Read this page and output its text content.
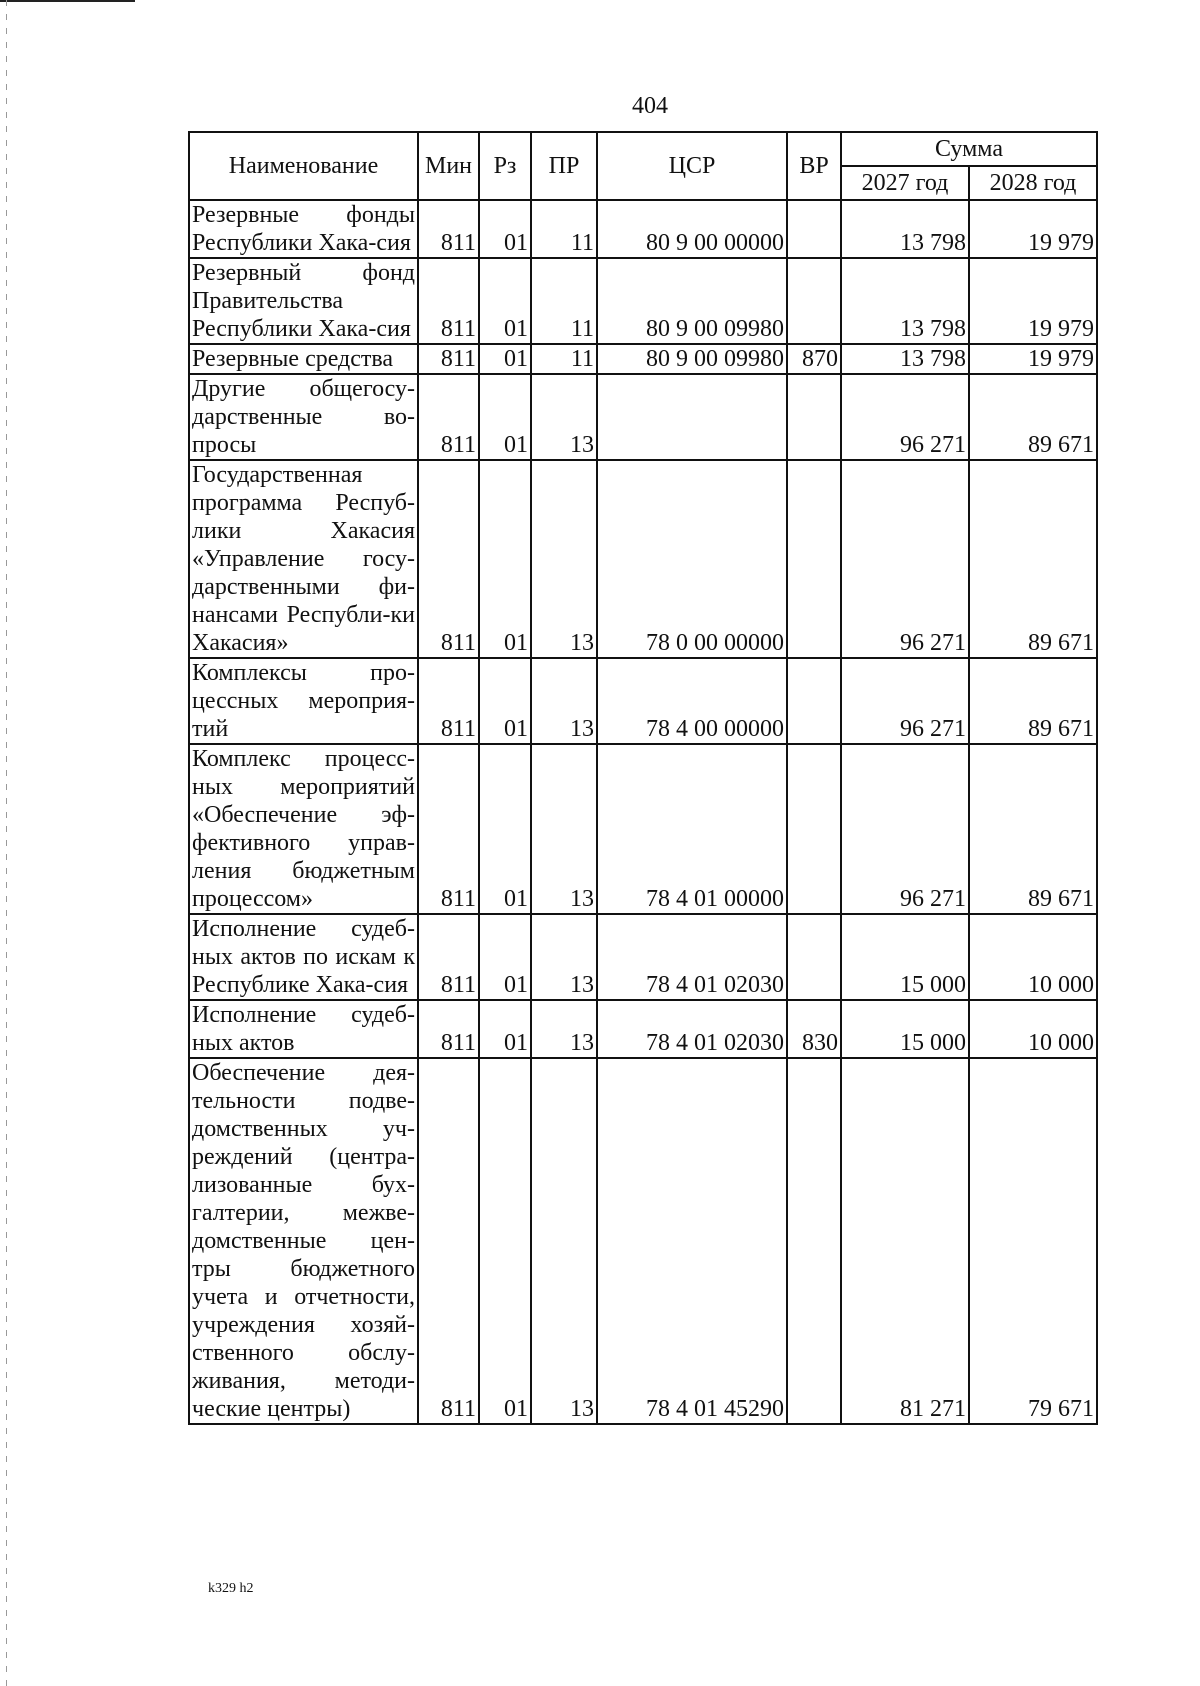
404
Наименование	Мин	Рз	ПР	ЦСР	ВР	Сумма	
						2027 год	2028 год
Резервные фонды Республики Хака-сия	811	01	11	80 9 00 00000		13 798	19 979
Резервный фонд Правительства Республики Хака-сия	811	01	11	80 9 00 09980		13 798	19 979
Резервные средства	811	01	11	80 9 00 09980	870	13 798	19 979
Другие общегосу-дарственные во-просы	811	01	13			96 271	89 671
Государственная программа Респуб-лики Хакасия «Управление госу-дарственными фи-нансами Республи-ки Хакасия»	811	01	13	78 0 00 00000		96 271	89 671
Комплексы про-цессных мероприя-тий	811	01	13	78 4 00 00000		96 271	89 671
Комплекс процесс-ных мероприятий «Обеспечение эф-фективного управ-ления бюджетным процессом»	811	01	13	78 4 01 00000		96 271	89 671
Исполнение судеб-ных актов по искам к Республике Хака-сия	811	01	13	78 4 01 02030		15 000	10 000
Исполнение судеб-ных актов	811	01	13	78 4 01 02030	830	15 000	10 000
Обеспечение дея-тельности подве-домственных уч-реждений (центра-лизованные бух-галтерии, межве-домственные цен-тры бюджетного учета и отчетности, учреждения хозяй-ственного обслу-живания, методи-ческие центры)	811	01	13	78 4 01 45290		81 271	79 671
k329 h2
